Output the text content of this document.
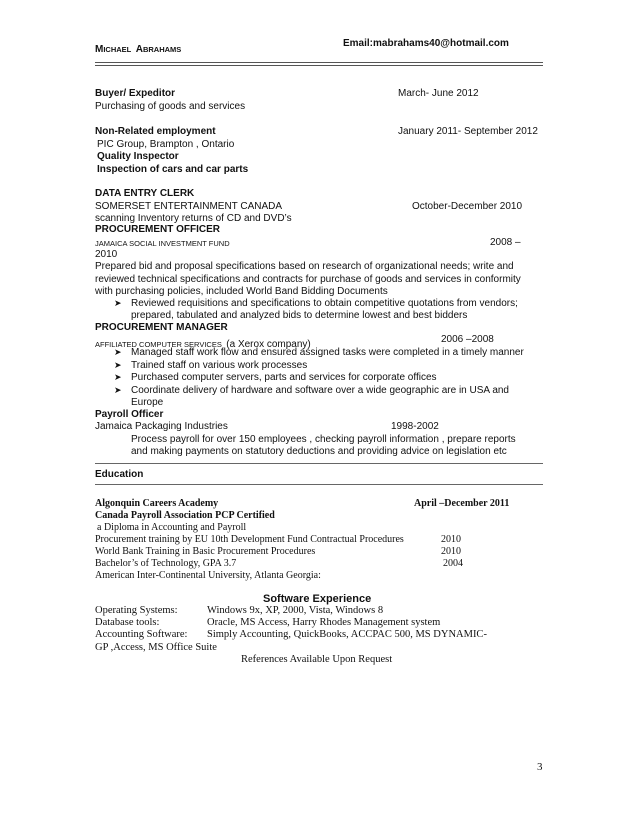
MICHAEL ABRAHAMS
Email:mabrahams40@hotmail.com
Buyer/ Expeditor	March- June 2012
Purchasing of goods and services
Non-Related employment	January 2011- September 2012
PIC Group, Brampton , Ontario
Quality Inspector
Inspection of cars and car parts
DATA ENTRY CLERK
SOMERSET ENTERTAINMENT CANADA	October-December 2010
scanning Inventory returns of CD and DVD’s
PROCUREMENT OFFICER
JAMAICA SOCIAL INVESTMENT FUND	2008 –
2010
Prepared bid and proposal specifications based on research of organizational needs; write and
reviewed technical specifications and contracts for purchase of goods and services in conformity
with purchasing policies, included World Band Bidding Documents
➤ Reviewed requisitions and specifications to obtain competitive quotations from vendors;
prepared, tabulated and analyzed bids to determine lowest and best bidders
PROCUREMENT MANAGER
AFFILIATED COMPUTER SERVICES (a Xerox company)	2006 –2008
➤ Managed staff work flow and ensured assigned tasks were completed in a timely manner
➤ Trained staff on various work processes
➤ Purchased computer servers, parts and services for corporate offices
➤ Coordinate delivery of hardware and software over a wide geographic are in USA and
Europe
Payroll Officer
Jamaica Packaging Industries	1998-2002
Process payroll for over 150 employees , checking payroll information , prepare reports
and making payments on statutory deductions and providing advice on legislation etc
Education
Algonquin Careers Academy	April –December 2011
Canada Payroll Association PCP Certified
a Diploma in Accounting and Payroll
Procurement training by EU 10th Development Fund Contractual Procedures	2010
World Bank Training in Basic Procurement Procedures	2010
Bachelor’s of Technology, GPA 3.7	2004
American Inter-Continental University, Atlanta Georgia:
Software Experience
Operating Systems:	Windows 9x, XP, 2000, Vista, Windows 8
Database tools:	Oracle, MS Access, Harry Rhodes Management system
Accounting Software: Simply Accounting, QuickBooks, ACCPAC 500, MS DYNAMIC-
GP ,Access, MS Office Suite
References Available Upon Request
3
